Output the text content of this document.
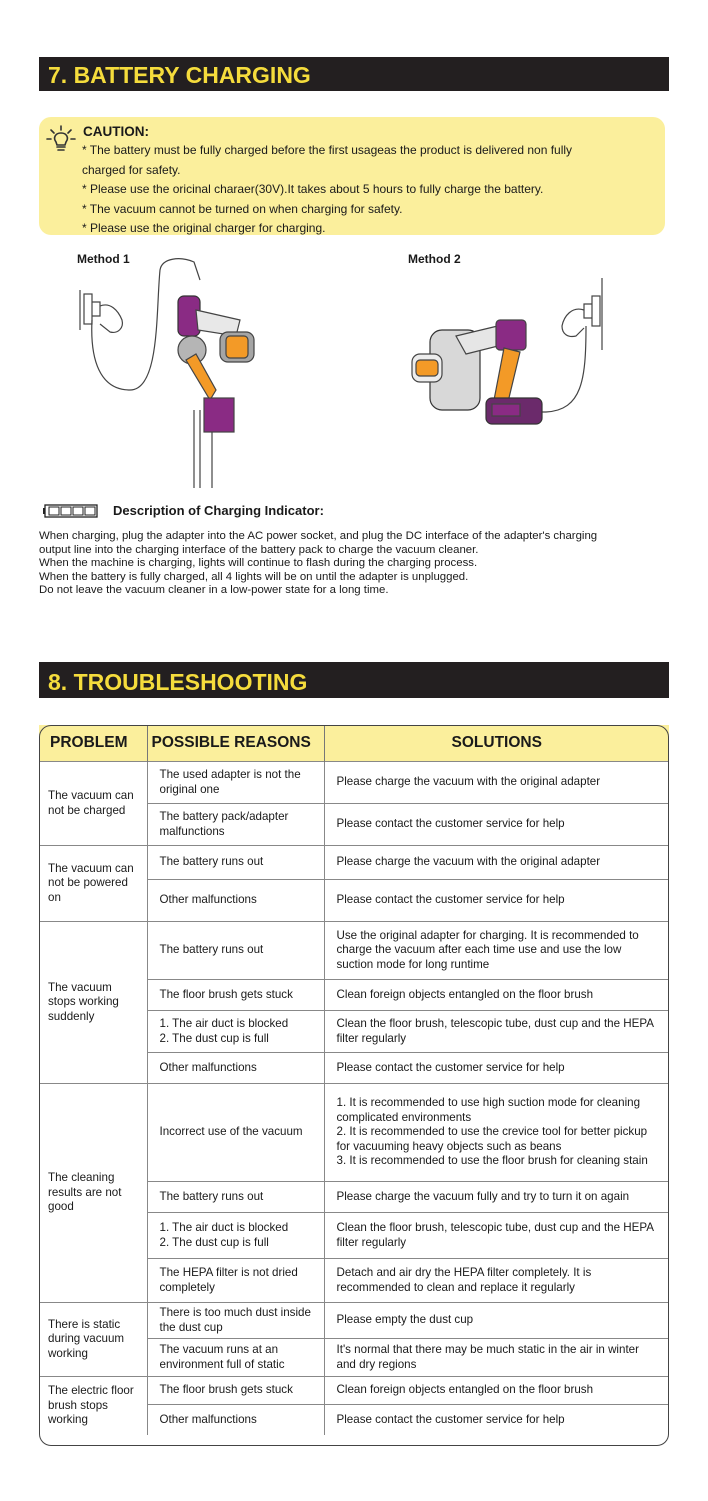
7. BATTERY CHARGING
CAUTION:
* The battery must be fully charged before the first usageas the product is delivered non fully
charged for safety.
* Please use the oricinal charaer(30V).It takes about 5 hours to fully charge the battery.
* The vacuum cannot be turned on when charging for safety.
* Please use the original charger for charging.
Method 1	Method 2
Description of Charging Indicator:
When charging, plug the adapter into the AC power socket, and plug the DC interface of the adapter's charging
output line into the charging interface of the battery pack to charge the vacuum cleaner.
When the machine is charging, lights will continue to flash during the charging process.
When the battery is fully charged, all 4 lights will be on until the adapter is unplugged.
Do not leave the vacuum cleaner in a low-power state for a long time.
8. TROUBLESHOOTING
PROBLEM	POSSIBLE REASONS	SOLUTIONS
The vacuum can not be charged	The used adapter is not the original one	Please charge the vacuum with the original adapter
	The battery pack/adapter malfunctions	Please contact the customer service for help
The vacuum can not be powered on	The battery runs out	Please charge the vacuum with the original adapter
	Other malfunctions	Please contact the customer service for help
The vacuum stops working suddenly	The battery runs out	Use the original adapter for charging. It is recommended to charge the vacuum after each time use and use the low suction mode for long runtime
	The floor brush gets stuck	Clean foreign objects entangled on the floor brush
	1. The air duct is blocked
2. The dust cup is full	Clean the floor brush, telescopic tube, dust cup and the HEPA filter regularly
	Other malfunctions	Please contact the customer service for help
The cleaning results are not good	Incorrect use of the vacuum	1. It is recommended to use high suction mode for cleaning complicated environments
2. It is recommended to use the crevice tool for better pickup for vacuuming heavy objects such as beans
3. It is recommended to use the floor brush for cleaning stain
	The battery runs out	Please charge the vacuum fully and try to turn it on again
	1. The air duct is blocked
2. The dust cup is full	Clean the floor brush, telescopic tube, dust cup and the HEPA filter regularly
	The HEPA filter is not dried completely	Detach and air dry the HEPA filter completely. It is recommended to clean and replace it regularly
There is static during vacuum working	There is too much dust inside the dust cup	Please empty the dust cup
	The vacuum runs at an environment full of static	It's normal that there may be much static in the air in winter and dry regions
The electric floor brush stops working	The floor brush gets stuck	Clean foreign objects entangled on the floor brush
	Other malfunctions	Please contact the customer service for help
